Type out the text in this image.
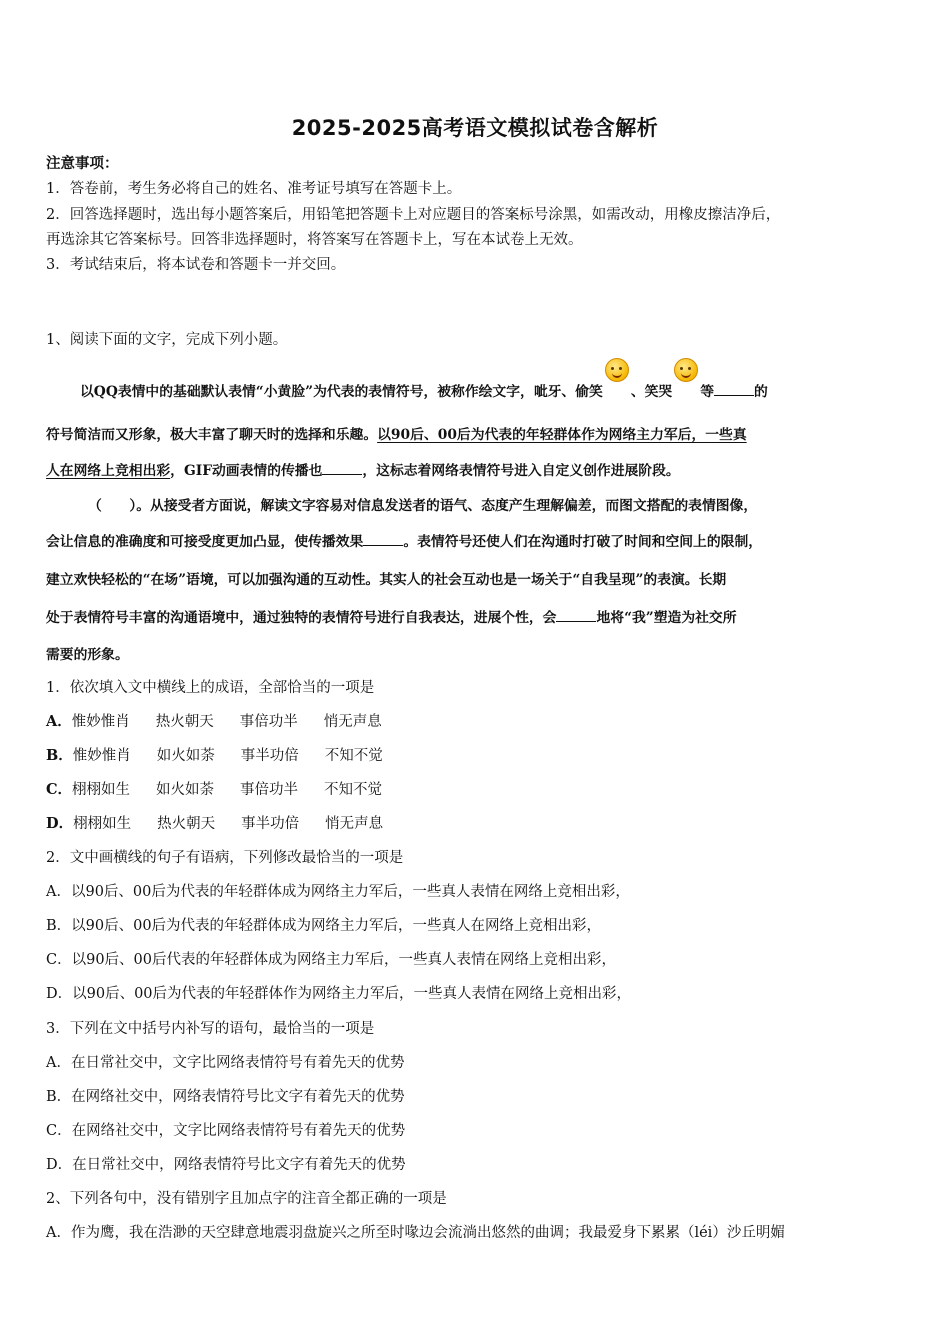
2025-2025高考语文模拟试卷含解析
注意事项：
1．答卷前，考生务必将自己的姓名、准考证号填写在答题卡上。
2．回答选择题时，选出每小题答案后，用铅笔把答题卡上对应题目的答案标号涂黑，如需改动，用橡皮擦洁净后，
再选涂其它答案标号。回答非选择题时，将答案写在答题卡上，写在本试卷上无效。
3．考试结束后，将本试卷和答题卡一并交回。
1、阅读下面的文字，完成下列小题。
以QQ表情中的基础默认表情“小黄脸”为代表的表情符号，被称作绘文字，呲牙、偷笑 、笑哭 等	的
符号简洁而又形象，极大丰富了聊天时的选择和乐趣。以90后、00后为代表的年轻群体作为网络主力军后，一些真
人在网络上竞相出彩，GIF动画表情的传播也	，这标志着网络表情符号进入自定义创作进展阶段。
（　　）。从接受者方面说，解读文字容易对信息发送者的语气、态度产生理解偏差，而图文搭配的表情图像，
会让信息的准确度和可接受度更加凸显，使传播效果	。表情符号还使人们在沟通时打破了时间和空间上的限制，
建立欢快轻松的“在场”语境，可以加强沟通的互动性。其实人的社会互动也是一场关于“自我呈现”的表演。长期
处于表情符号丰富的沟通语境中，通过独特的表情符号进行自我表达，进展个性，会	地将“我”塑造为社交所
需要的形象。
1．依次填入文中横线上的成语，全部恰当的一项是
A．惟妙惟肖 热火朝天 事倍功半 悄无声息
B．惟妙惟肖 如火如荼 事半功倍 不知不觉
C．栩栩如生 如火如荼 事倍功半 不知不觉
D．栩栩如生 热火朝天 事半功倍 悄无声息
2．文中画横线的句子有语病，下列修改最恰当的一项是
A．以90后、00后为代表的年轻群体成为网络主力军后，一些真人表情在网络上竞相出彩，
B．以90后、00后为代表的年轻群体成为网络主力军后，一些真人在网络上竞相出彩，
C．以90后、00后代表的年轻群体成为网络主力军后，一些真人表情在网络上竞相出彩，
D．以90后、00后为代表的年轻群体作为网络主力军后，一些真人表情在网络上竞相出彩，
3．下列在文中括号内补写的语句，最恰当的一项是
A．在日常社交中，文字比网络表情符号有着先天的优势
B．在网络社交中，网络表情符号比文字有着先天的优势
C．在网络社交中，文字比网络表情符号有着先天的优势
D．在日常社交中，网络表情符号比文字有着先天的优势
2、下列各句中，没有错别字且加点字的注音全都正确的一项是
A．作为鹰，我在浩渺的天空肆意地震羽盘旋兴之所至时喙边会流淌出悠然的曲调；我最爱身下累累（léi）沙丘明媚
